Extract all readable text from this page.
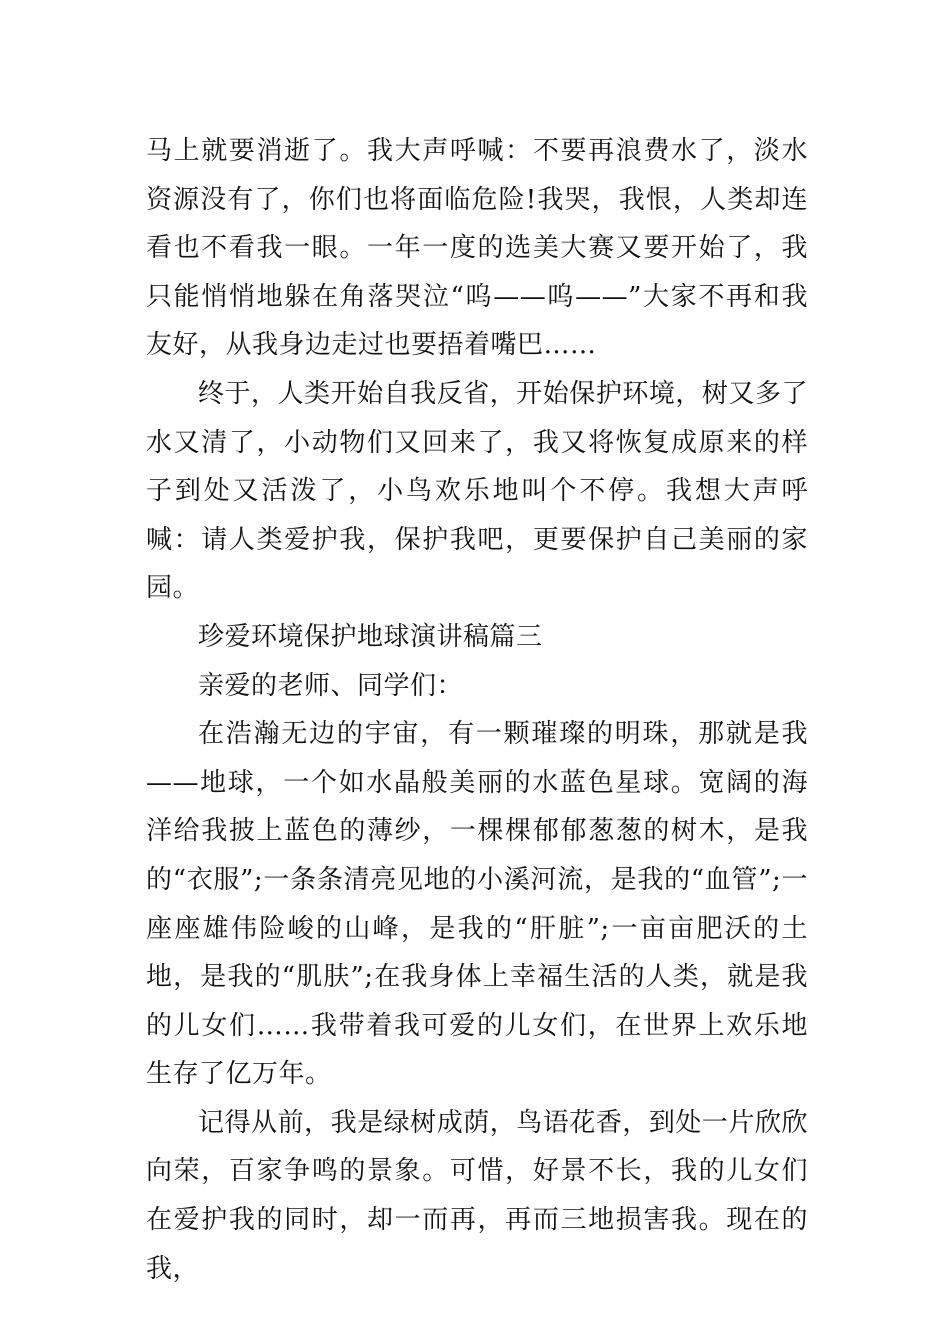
马上就要消逝了。我大声呼喊：不要再浪费水了，淡水资源没有了，你们也将面临危险!我哭，我恨，人类却连看也不看我一眼。一年一度的选美大赛又要开始了，我只能悄悄地躲在角落哭泣“呜——呜——”大家不再和我友好，从我身边走过也要捂着嘴巴……

终于，人类开始自我反省，开始保护环境，树又多了水又清了，小动物们又回来了，我又将恢复成原来的样子到处又活泼了，小鸟欢乐地叫个不停。我想大声呼喊：请人类爱护我，保护我吧，更要保护自己美丽的家园。

珍爱环境保护地球演讲稿篇三

亲爱的老师、同学们：

在浩瀚无边的宇宙，有一颗璀璨的明珠，那就是我——地球，一个如水晶般美丽的水蓝色星球。宽阔的海洋给我披上蓝色的薄纱，一棵棵郁郁葱葱的树木，是我的“衣服”;一条条清亮见地的小溪河流，是我的“血管”;一座座雄伟险峻的山峰，是我的“肝脏”;一亩亩肥沃的土地，是我的“肌肤”;在我身体上幸福生活的人类，就是我的儿女们……我带着我可爱的儿女们，在世界上欢乐地生存了亿万年。

记得从前，我是绿树成荫，鸟语花香，到处一片欣欣向荣，百家争鸣的景象。可惜，好景不长，我的儿女们在爱护我的同时，却一而再，再而三地损害我。现在的我，
